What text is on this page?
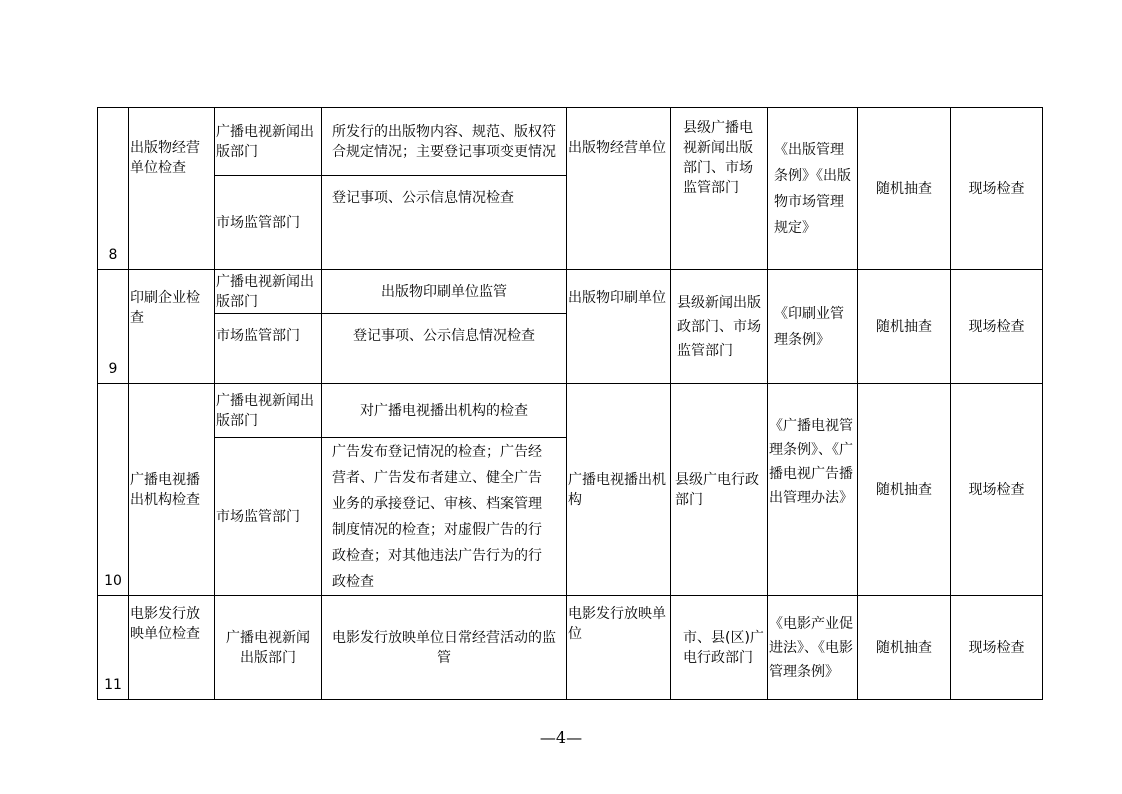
8	出版物经营单位检查	广播电视新闻出版部门	所发行的出版物内容、规范、版权符合规定情况；主要登记事项变更情况	出版物经营单位	县级广播电视新闻出版部门、市场监管部门	《出版管理条例》《出版物市场管理规定》	随机抽查	现场检查
		市场监管部门	登记事项、公示信息情况检查					
9	印刷企业检查	广播电视新闻出版部门	出版物印刷单位监管	出版物印刷单位	县级新闻出版政部门、市场监管部门	《印刷业管理条例》	随机抽查	现场检查
		市场监管部门	登记事项、公示信息情况检查					
10	广播电视播出机构检查	广播电视新闻出版部门	对广播电视播出机构的检查	广播电视播出机构	县级广电行政部门	《广播电视管理条例》、《广播电视广告播出管理办法》	随机抽查	现场检查
		市场监管部门	广告发布登记情况的检查；广告经营者、广告发布者建立、健全广告业务的承接登记、审核、档案管理制度情况的检查；对虚假广告的行政检查；对其他违法广告行为的行政检查					
11	电影发行放映单位检查	广播电视新闻出版部门	电影发行放映单位日常经营活动的监管	电影发行放映单位	市、县(区)广电行政部门	《电影产业促进法》、《电影管理条例》	随机抽查	现场检查
—4—
